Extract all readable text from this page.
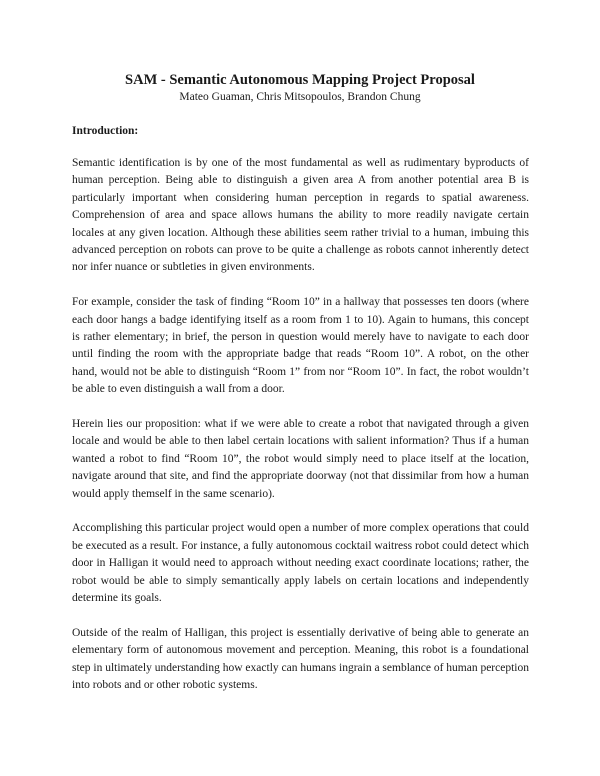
SAM - Semantic Autonomous Mapping Project Proposal
Mateo Guaman, Chris Mitsopoulos, Brandon Chung
Introduction:

Semantic identification is by one of the most fundamental as well as rudimentary byproducts of human perception. Being able to distinguish a given area A from another potential area B is particularly important when considering human perception in regards to spatial awareness. Comprehension of area and space allows humans the ability to more readily navigate certain locales at any given location. Although these abilities seem rather trivial to a human, imbuing this advanced perception on robots can prove to be quite a challenge as robots cannot inherently detect nor infer nuance or subtleties in given environments.

For example, consider the task of finding “Room 10” in a hallway that possesses ten doors (where each door hangs a badge identifying itself as a room from 1 to 10). Again to humans, this concept is rather elementary; in brief, the person in question would merely have to navigate to each door until finding the room with the appropriate badge that reads “Room 10”. A robot, on the other hand, would not be able to distinguish “Room 1” from nor “Room 10”. In fact, the robot wouldn’t be able to even distinguish a wall from a door.

Herein lies our proposition: what if we were able to create a robot that navigated through a given locale and would be able to then label certain locations with salient information? Thus if a human wanted a robot to find “Room 10”, the robot would simply need to place itself at the location, navigate around that site, and find the appropriate doorway (not that dissimilar from how a human would apply themself in the same scenario).

Accomplishing this particular project would open a number of more complex operations that could be executed as a result. For instance, a fully autonomous cocktail waitress robot could detect which door in Halligan it would need to approach without needing exact coordinate locations; rather, the robot would be able to simply semantically apply labels on certain locations and independently determine its goals.

Outside of the realm of Halligan, this project is essentially derivative of being able to generate an elementary form of autonomous movement and perception. Meaning, this robot is a foundational step in ultimately understanding how exactly can humans ingrain a semblance of human perception into robots and or other robotic systems.
